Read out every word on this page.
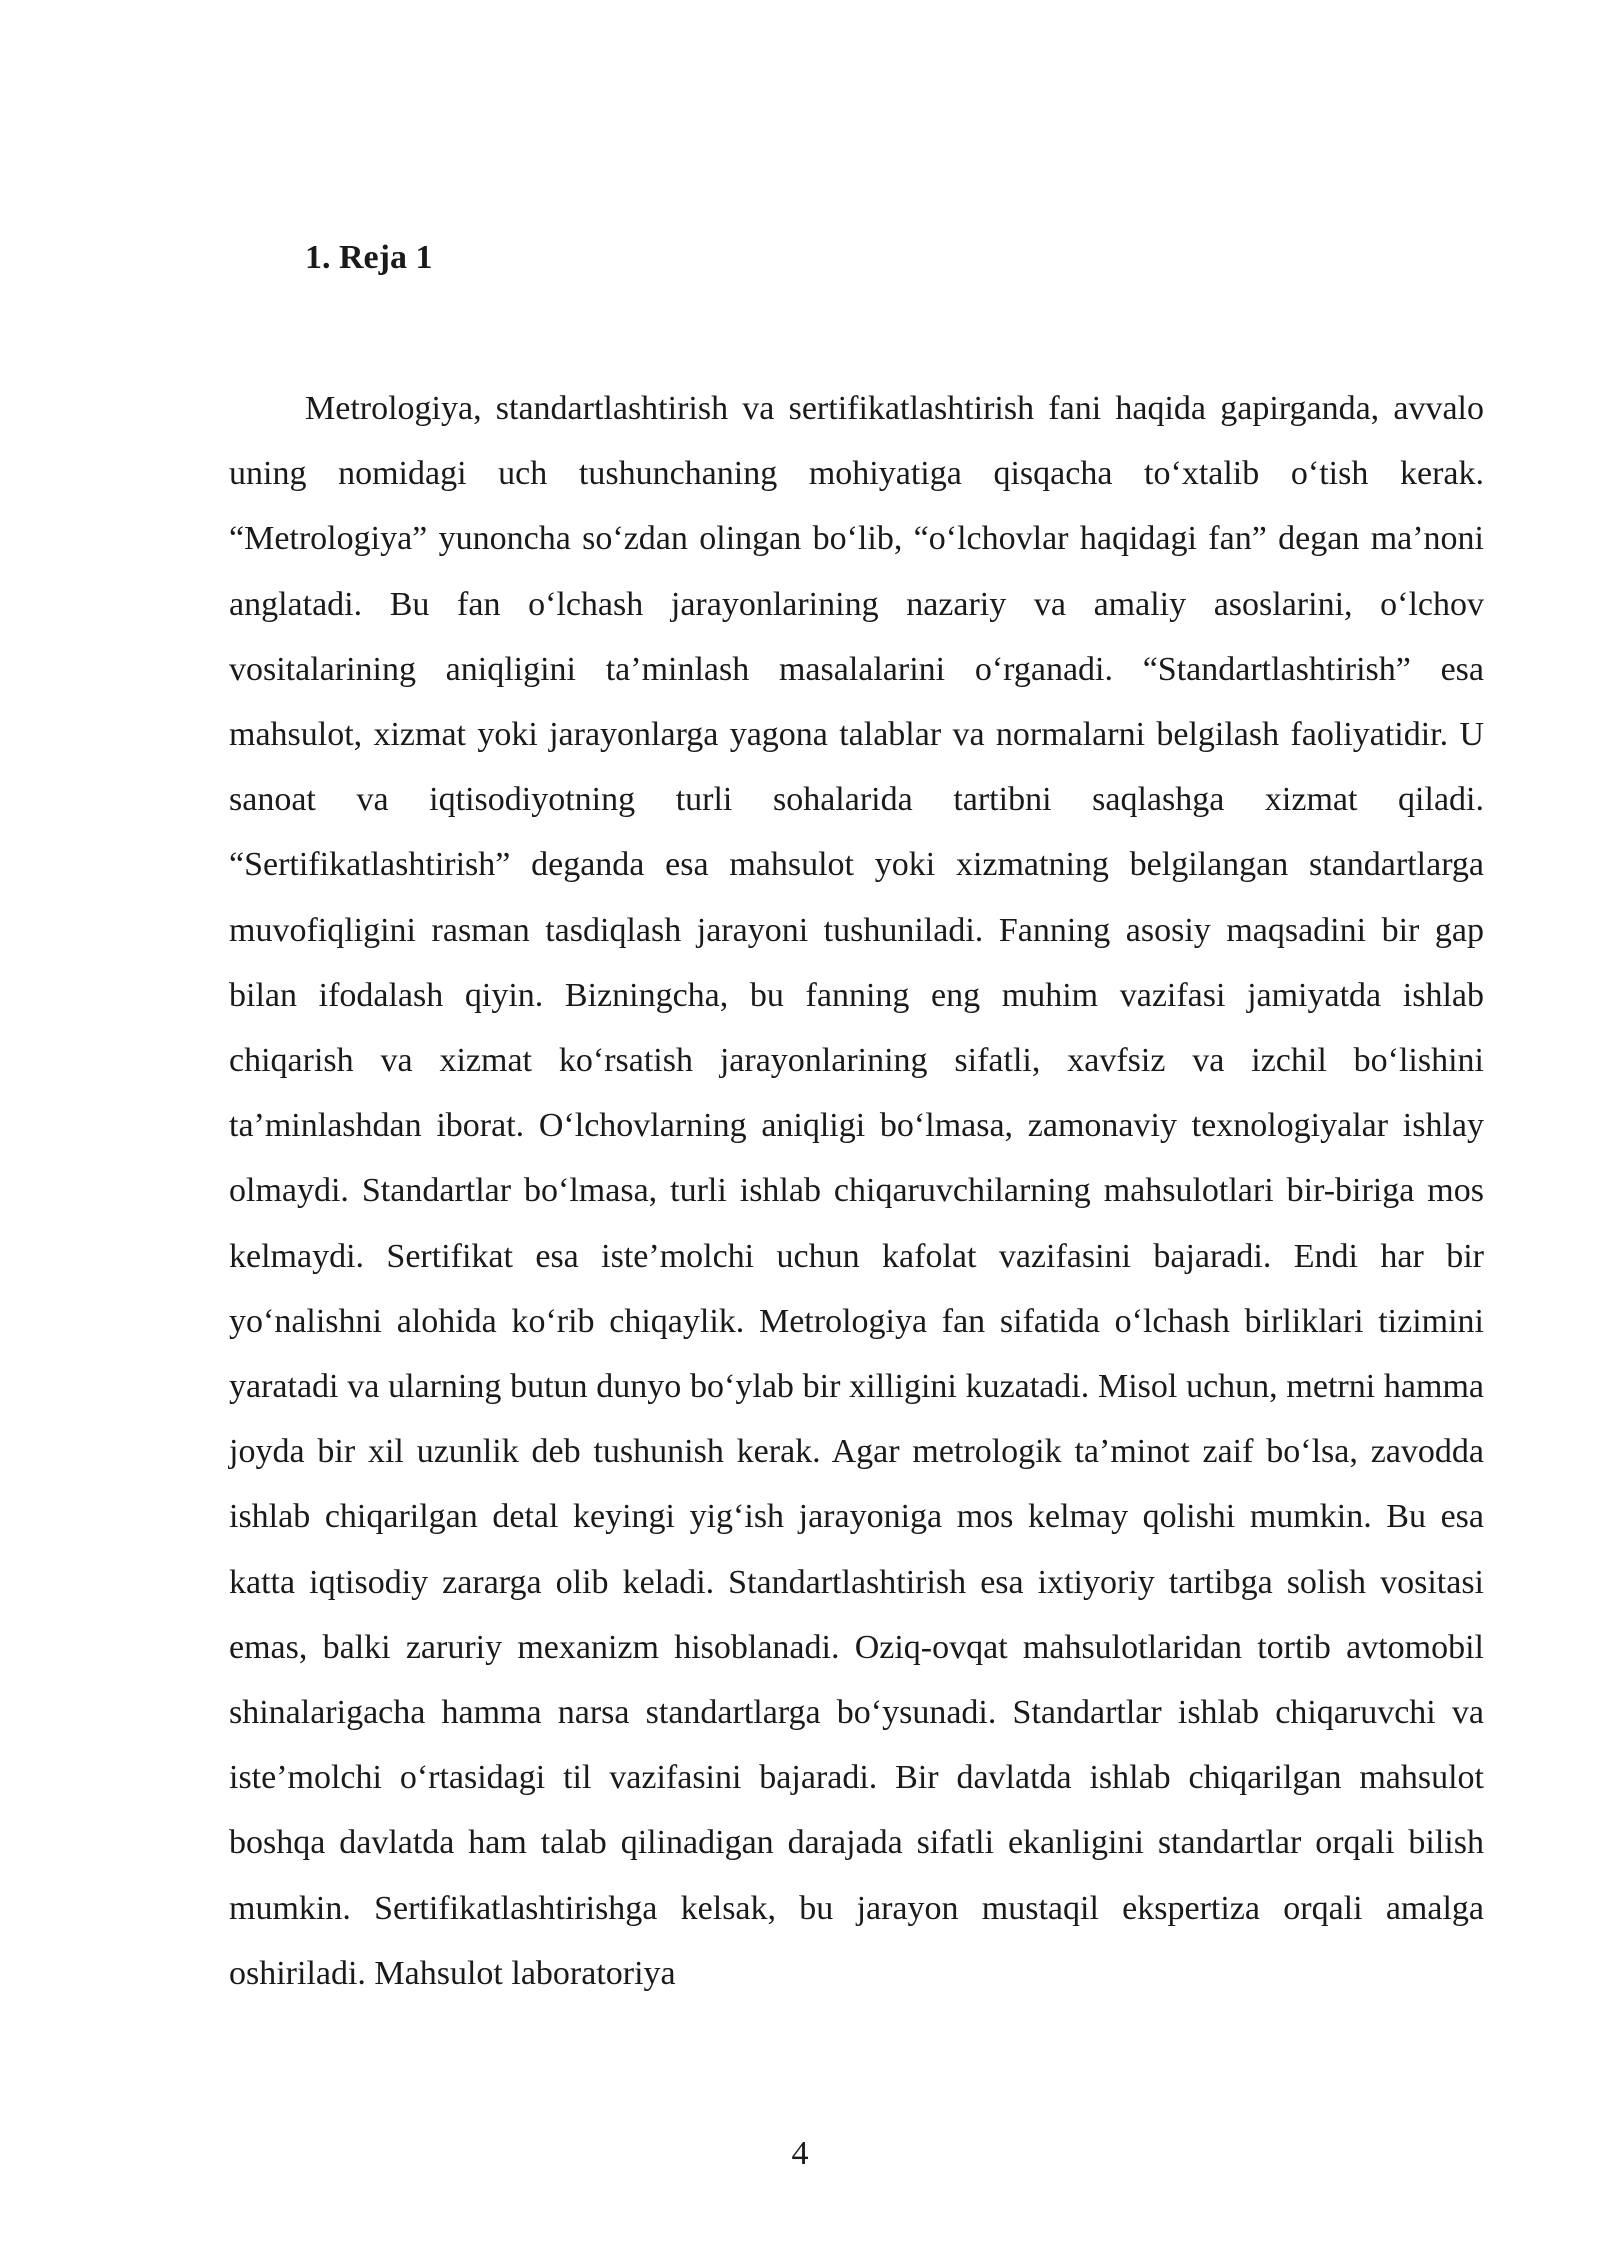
1. Reja 1

Metrologiya, standartlashtirish va sertifikatlashtirish fani haqida gapirganda, avvalo uning nomidagi uch tushunchaning mohiyatiga qisqacha to‘xtalib o‘tish kerak. “Metrologiya” yunoncha so‘zdan olingan bo‘lib, “o‘lchovlar haqidagi fan” degan ma’noni anglatadi. Bu fan o‘lchash jarayonlarining nazariy va amaliy asoslarini, o‘lchov vositalarining aniqligini ta’minlash masalalarini o‘rganadi. “Standartlashtirish” esa mahsulot, xizmat yoki jarayonlarga yagona talablar va normalarni belgilash faoliyatidir. U sanoat va iqtisodiyotning turli sohalarida tartibni saqlashga xizmat qiladi. “Sertifikatlashtirish” deganda esa mahsulot yoki xizmatning belgilangan standartlarga muvofiqligini rasman tasdiqlash jarayoni tushuniladi. Fanning asosiy maqsadini bir gap bilan ifodalash qiyin. Bizningcha, bu fanning eng muhim vazifasi jamiyatda ishlab chiqarish va xizmat ko‘rsatish jarayonlarining sifatli, xavfsiz va izchil bo‘lishini ta’minlashdan iborat. O‘lchovlarning aniqligi bo‘lmasa, zamonaviy texnologiyalar ishlay olmaydi. Standartlar bo‘lmasa, turli ishlab chiqaruvchilarning mahsulotlari bir-biriga mos kelmaydi. Sertifikat esa iste’molchi uchun kafolat vazifasini bajaradi. Endi har bir yo‘nalishni alohida ko‘rib chiqaylik. Metrologiya fan sifatida o‘lchash birliklari tizimini yaratadi va ularning butun dunyo bo‘ylab bir xilligini kuzatadi. Misol uchun, metrni hamma joyda bir xil uzunlik deb tushunish kerak. Agar metrologik ta’minot zaif bo‘lsa, zavodda ishlab chiqarilgan detal keyingi yig‘ish jarayoniga mos kelmay qolishi mumkin. Bu esa katta iqtisodiy zararga olib keladi. Standartlashtirish esa ixtiyoriy tartibga solish vositasi emas, balki zaruriy mexanizm hisoblanadi. Oziq-ovqat mahsulotlaridan tortib avtomobil shinalarigacha hamma narsa standartlarga bo‘ysunadi. Standartlar ishlab chiqaruvchi va iste’molchi o‘rtasidagi til vazifasini bajaradi. Bir davlatda ishlab chiqarilgan mahsulot boshqa davlatda ham talab qilinadigan darajada sifatli ekanligini standartlar orqali bilish mumkin. Sertifikatlashtirishga kelsak, bu jarayon mustaqil ekspertiza orqali amalga oshiriladi. Mahsulot laboratoriya

4
